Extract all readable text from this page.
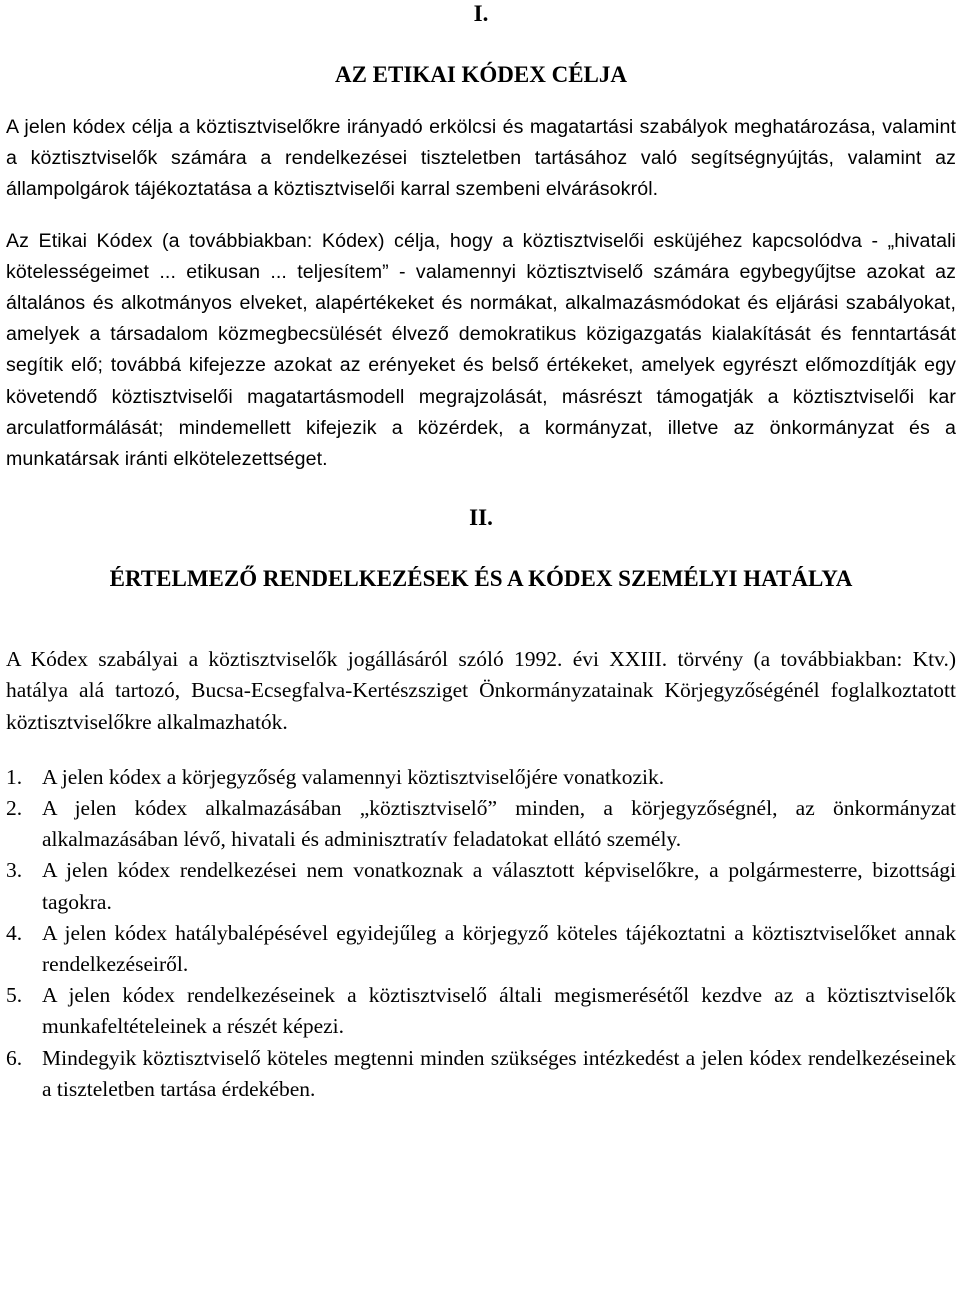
I.
AZ ETIKAI KÓDEX CÉLJA

A jelen kódex célja a köztisztviselőkre irányadó erkölcsi és magatartási szabályok meghatározása, valamint a köztisztviselők számára a rendelkezései tiszteletben tartásához való segítségnyújtás, valamint az állampolgárok tájékoztatása a köztisztviselői karral szembeni elvárásokról.

Az Etikai Kódex (a továbbiakban: Kódex) célja, hogy a köztisztviselői esküjéhez kapcsolódva - „hivatali kötelességeimet ... etikusan ... teljesítem” - valamennyi köztisztviselő számára egybegyűjtse azokat az általános és alkotmányos elveket, alapértékeket és normákat, alkalmazásmódokat és eljárási szabályokat, amelyek a társadalom közmegbecsülését élvező demokratikus közigazgatás kialakítását és fenntartását segítik elő; továbbá kifejezze azokat az erényeket és belső értékeket, amelyek egyrészt előmozdítják egy követendő köztisztviselői magatartásmodell megrajzolását, másrészt támogatják a köztisztviselői kar arculatformálását; mindemellett kifejezik a közérdek, a kormányzat, illetve az önkormányzat és a munkatársak iránti elkötelezettséget.

II.
ÉRTELMEZŐ RENDELKEZÉSEK ÉS A KÓDEX SZEMÉLYI HATÁLYA

A Kódex szabályai a köztisztviselők jogállásáról szóló 1992. évi XXIII. törvény (a továbbiakban: Ktv.) hatálya alá tartozó, Bucsa-Ecsegfalva-Kertészsziget Önkormányzatainak Körjegyzőségénél foglalkoztatott köztisztviselőkre alkalmazhatók.

1. A jelen kódex a körjegyzőség valamennyi köztisztviselőjére vonatkozik.
2. A jelen kódex alkalmazásában „köztisztviselő” minden, a körjegyzőségnél, az önkormányzat alkalmazásában lévő, hivatali és adminisztratív feladatokat ellátó személy.
3. A jelen kódex rendelkezései nem vonatkoznak a választott képviselőkre, a polgármesterre, bizottsági tagokra.
4. A jelen kódex hatálybalépésével egyidejűleg a körjegyző köteles tájékoztatni a köztisztviselőket annak rendelkezéseiről.
5. A jelen kódex rendelkezéseinek a köztisztviselő általi megismerésétől kezdve az a köztisztviselők munkafeltételeinek a részét képezi.
6. Mindegyik köztisztviselő köteles megtenni minden szükséges intézkedést a jelen kódex rendelkezéseinek a tiszteletben tartása érdekében.
